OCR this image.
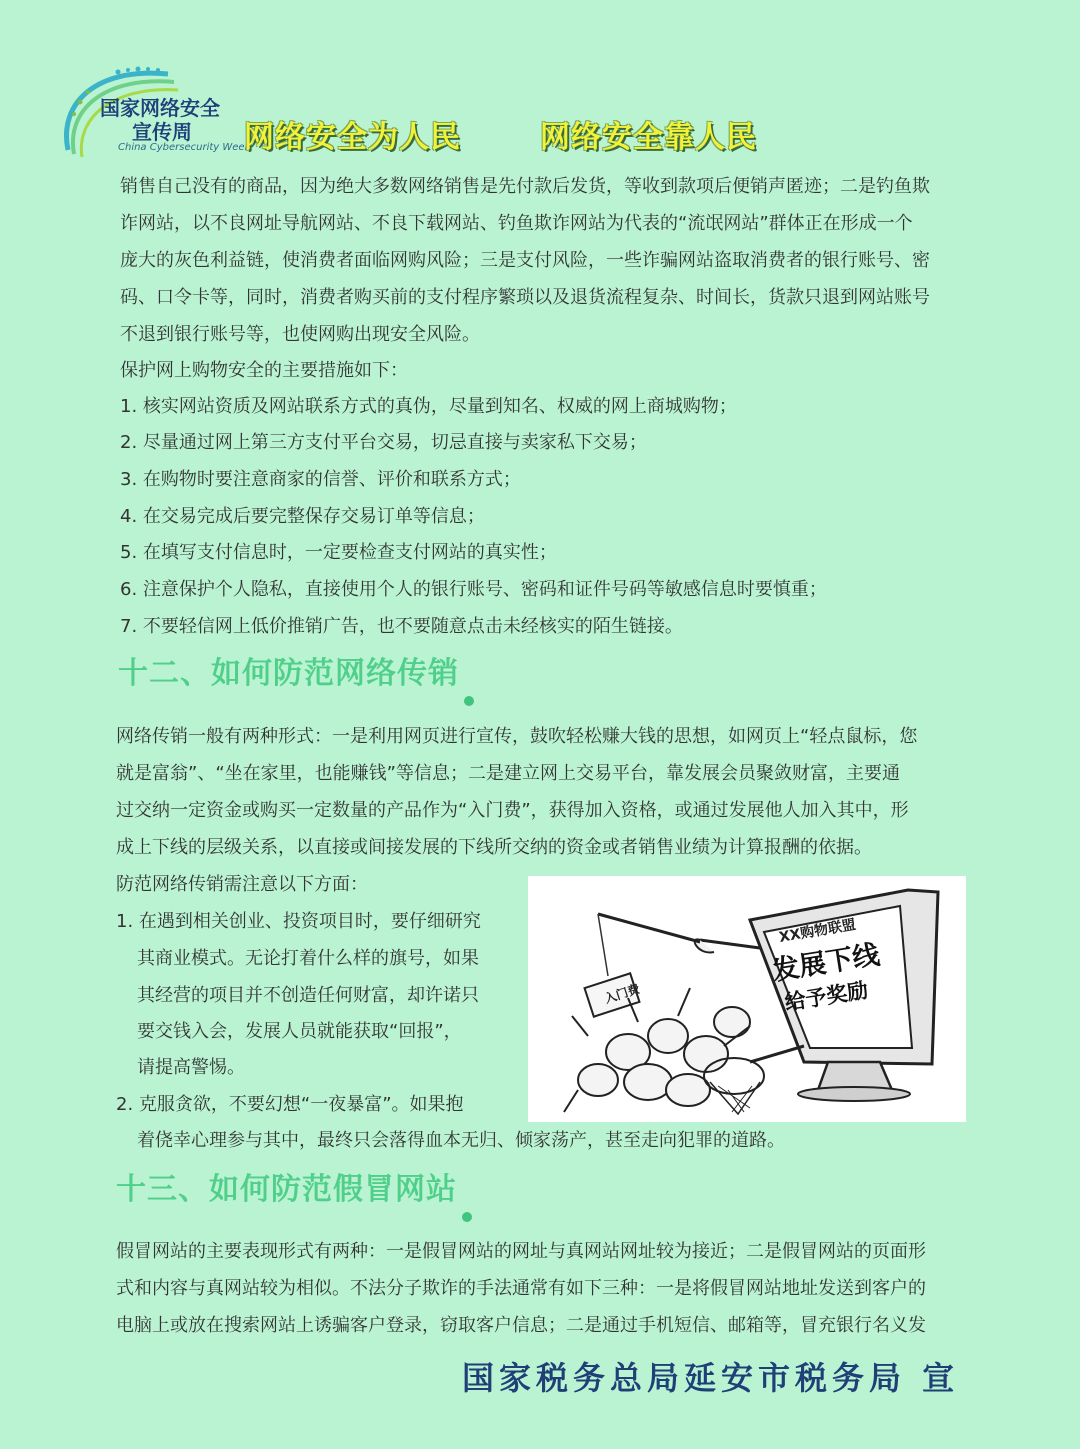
国家网络安全
宣传周
China Cybersecurity Week
网络安全为人民	网络安全靠人民
销售自己没有的商品，因为绝大多数网络销售是先付款后发货，等收到款项后便销声匿迹；二是钓鱼欺
诈网站，以不良网址导航网站、不良下载网站、钓鱼欺诈网站为代表的“流氓网站”群体正在形成一个
庞大的灰色利益链，使消费者面临网购风险；三是支付风险，一些诈骗网站盗取消费者的银行账号、密
码、口令卡等，同时，消费者购买前的支付程序繁琐以及退货流程复杂、时间长，货款只退到网站账号
不退到银行账号等，也使网购出现安全风险。
保护网上购物安全的主要措施如下：
1. 核实网站资质及网站联系方式的真伪，尽量到知名、权威的网上商城购物；
2. 尽量通过网上第三方支付平台交易，切忌直接与卖家私下交易；
3. 在购物时要注意商家的信誉、评价和联系方式；
4. 在交易完成后要完整保存交易订单等信息；
5. 在填写支付信息时，一定要检查支付网站的真实性；
6. 注意保护个人隐私，直接使用个人的银行账号、密码和证件号码等敏感信息时要慎重；
7. 不要轻信网上低价推销广告，也不要随意点击未经核实的陌生链接。
十二、如何防范网络传销
网络传销一般有两种形式：一是利用网页进行宣传，鼓吹轻松赚大钱的思想，如网页上“轻点鼠标，您
就是富翁”、“坐在家里，也能赚钱”等信息；二是建立网上交易平台，靠发展会员聚敛财富，主要通
过交纳一定资金或购买一定数量的产品作为“入门费”，获得加入资格，或通过发展他人加入其中，形
成上下线的层级关系，以直接或间接发展的下线所交纳的资金或者销售业绩为计算报酬的依据。
防范网络传销需注意以下方面：
1. 在遇到相关创业、投资项目时，要仔细研究
其商业模式。无论打着什么样的旗号，如果
其经营的项目并不创造任何财富，却许诺只
要交钱入会，发展人员就能获取“回报”，
请提高警惕。
2. 克服贪欲，不要幻想“一夜暴富”。如果抱
着侥幸心理参与其中，最终只会落得血本无归、倾家荡产，甚至走向犯罪的道路。
入门费
XX购物联盟
发展下线
给予奖励
十三、如何防范假冒网站
假冒网站的主要表现形式有两种：一是假冒网站的网址与真网站网址较为接近；二是假冒网站的页面形
式和内容与真网站较为相似。不法分子欺诈的手法通常有如下三种：一是将假冒网站地址发送到客户的
电脑上或放在搜索网站上诱骗客户登录，窃取客户信息；二是通过手机短信、邮箱等，冒充银行名义发
国家税务总局延安市税务局 宣
